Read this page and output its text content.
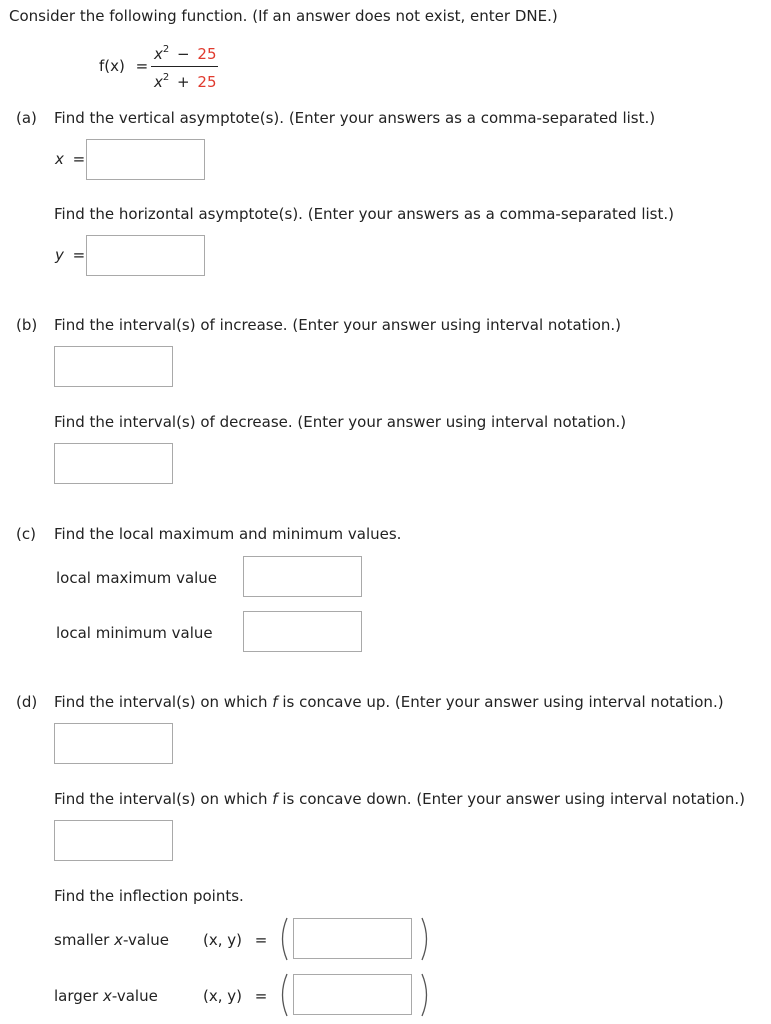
Consider the following function. (If an answer does not exist, enter DNE.)
f(x) =
$x^2 - 25$
$x^2 + 25$
(a) Find the vertical asymptote(s). (Enter your answers as a comma-separated list.)
x =
Find the horizontal asymptote(s). (Enter your answers as a comma-separated list.)
y =
(b) Find the interval(s) of increase. (Enter your answer using interval notation.)
Find the interval(s) of decrease. (Enter your answer using interval notation.)
(c) Find the local maximum and minimum values.
local maximum value
local minimum value
(d) Find the interval(s) on which f is concave up. (Enter your answer using interval notation.)
Find the interval(s) on which f is concave down. (Enter your answer using interval notation.)
Find the inflection points.
smaller x-value (x, y) =
larger x-value	(x, y) =
